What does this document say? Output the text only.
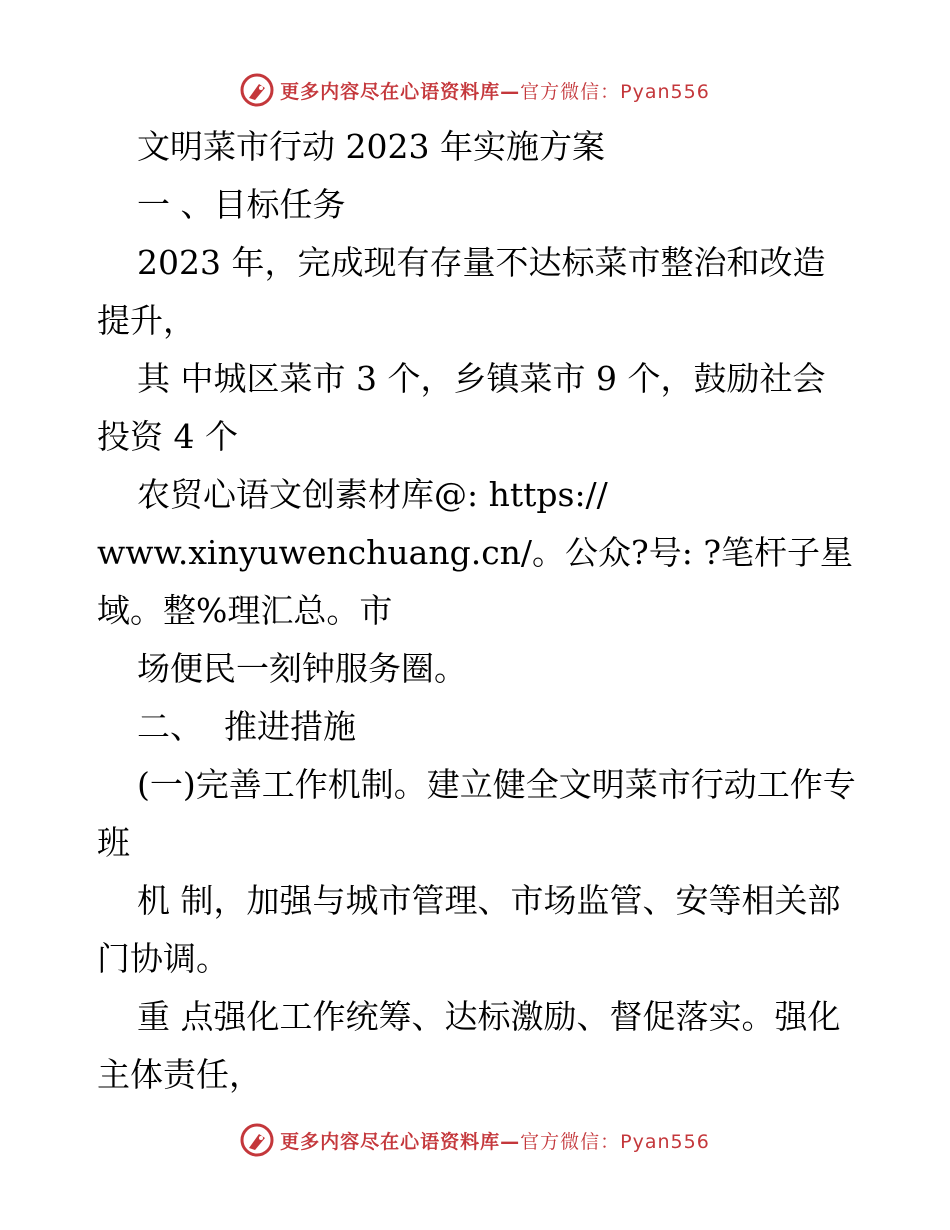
更多内容尽在心语资料库—官方微信：Pyan556

文明菜市行动 2023 年实施方案

一 、目标任务

2023 年，完成现有存量不达标菜市整治和改造提升，

其 中城区菜市 3 个，乡镇菜市 9 个，鼓励社会投资 4 个

农贸心语文创素材库@: https://

www.xinyuwenchuang.cn/。公众?号: ?笔杆子星域。整%理汇总。市

场便民一刻钟服务圈。

二、  推进措施

(一)完善工作机制。建立健全文明菜市行动工作专班

机 制，加强与城市管理、市场监管、安等相关部门协调。

重 点强化工作统筹、达标激励、督促落实。强化主体责任，

更多内容尽在心语资料库—官方微信：Pyan556
